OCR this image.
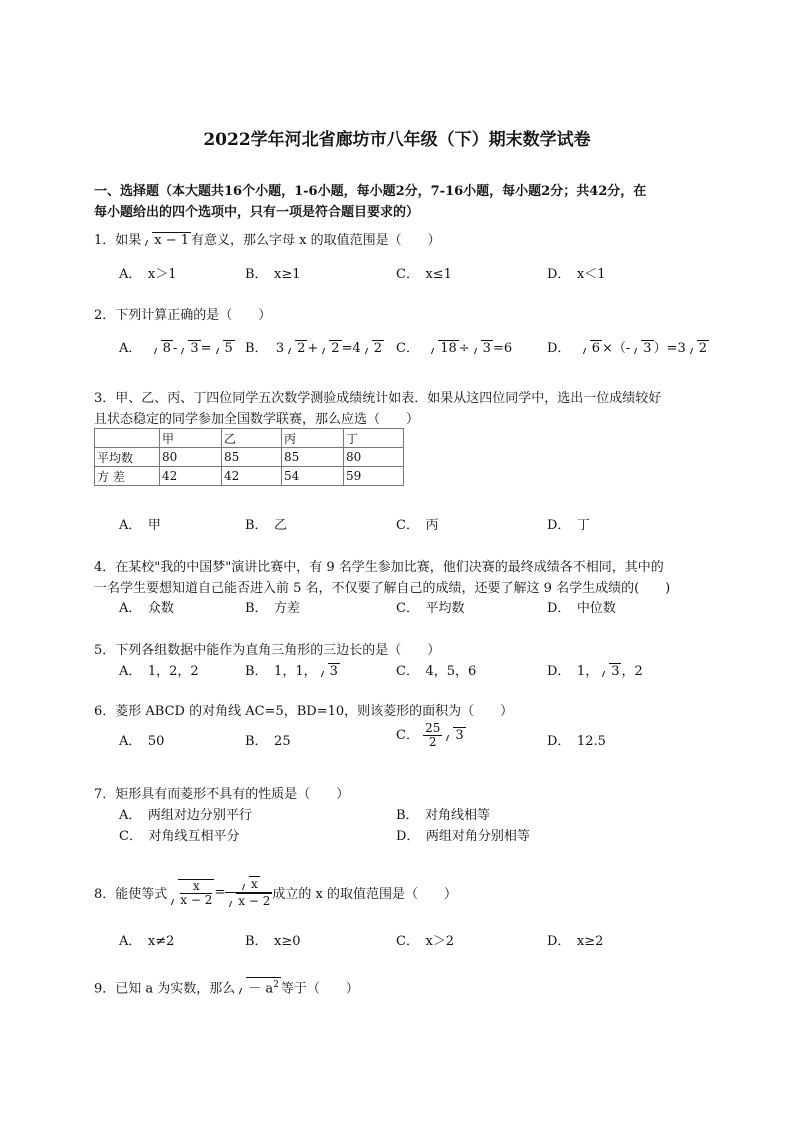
2022学年河北省廊坊市八年级（下）期末数学试卷
一、选择题（本大题共16个小题，1-6小题，每小题2分，7-16小题，每小题2分；共42分，在
每小题给出的四个选项中，只有一项是符合题目要求的）
1．如果 x − 1 有意义，那么字母 x 的取值范围是（　　）
A．　x＞1	B．　x≥1	C．　x≤1	D．　x＜1
2．下列计算正确的是（　　）
A． 8 - 3 = 5 B． 3 2 + 2 =4 2 C． 18 ÷ 3 =6	D． 6 ×（- 3 ）=3 2
3．甲、乙、丙、丁四位同学五次数学测验成绩统计如表．如果从这四位同学中，选出一位成绩较好
且状态稳定的同学参加全国数学联赛，那么应选（　　）
	甲	乙	丙	丁
平均数	80	85	85	80
方 差	42	42	54	59
A．　甲	B．　乙	C．　丙	D．　丁
4．在某校"我的中国梦"演讲比赛中，有 9 名学生参加比赛，他们决赛的最终成绩各不相同，其中的
一名学生要想知道自己能否进入前 5 名，不仅要了解自己的成绩，还要了解这 9 名学生成绩的(　　)
A．　众数	B．　方差	C．　平均数	D．　中位数
5．下列各组数据中能作为直角三角形的三边长的是（　　）
A．　1，2，2	B．　1，1， 3	C．　4，5，6	D．　1， 3 ，2
6．菱形 ABCD 的对角线 AC=5，BD=10，则该菱形的面积为（　　）
A．　50	B．　25	C． $\frac{25}{2} 3$	D．　12.5
7．矩形具有而菱形不具有的性质是（　　）
A．　两组对边分别平行	B．　对角线相等
C．　对角线互相平分	D．　两组对角分别相等
8．能使等式 $\frac{x}{x - 2} = \frac{x}{x - 2}$ 成立的 x 的取值范围是（　　）
A．　x≠2	B．　x≥0	C．　x＞2	D．　x≥2
9．已知 a 为实数，那么 － $a^2$ 等于（　　）
